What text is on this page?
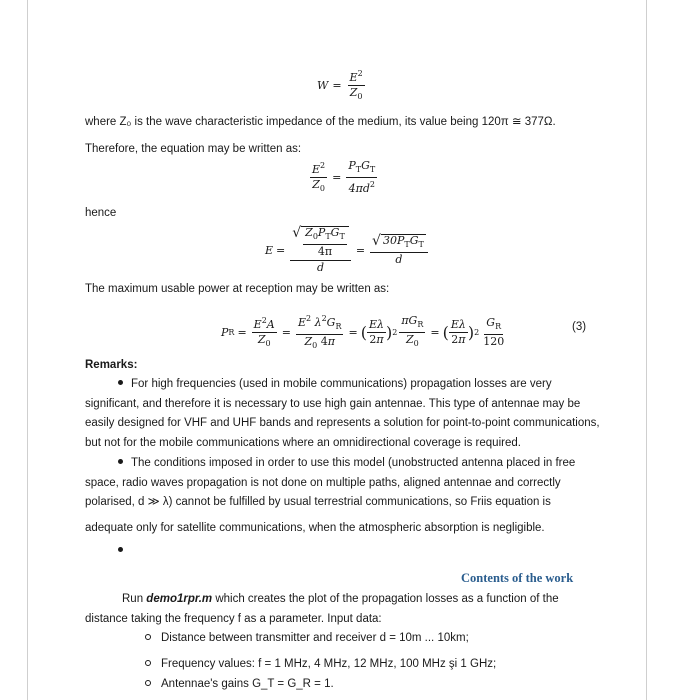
$W = \frac{E^2}{Z_0}$
where Z₀ is the wave characteristic impedance of the medium, its value being 120π ≅ 377Ω.
Therefore, the equation may be written as:
$\frac{E^2}{Z_0} = \frac{P_TG_T}{4\pi d^2}$
hence
E =
√ $\frac{Z_0P_TG_T}{4\pi}$
d
= $\frac{√ 30P_TG_T}{d}$
The maximum usable power at reception may be written as:
P $R = \frac{E^2A}{Z_0} = \frac{E^2 \lambda^2G_R}{Z_0 4\pi}$ = ( $\frac{E\lambda}{2\pi}$ ) $2 \frac{\pi G_R}{Z_0}$ = ( $\frac{E\lambda}{2\pi}$ ) $2 \frac{G_R}{120}$	(3)
Remarks:
For high frequencies (used in mobile communications) propagation losses are very
significant, and therefore it is necessary to use high gain antennae. This type of antennae may be
easily designed for VHF and UHF bands and represents a solution for point-to-point communications,
but not for the mobile communications where an omnidirectional coverage is required.
The conditions imposed in order to use this model (unobstructed antenna placed in free
space, radio waves propagation is not done on multiple paths, aligned antennae and correctly
polarised, d ≫ λ) cannot be fulfilled by usual terrestrial communications, so Friis equation is
adequate only for satellite communications, when the atmospheric absorption is negligible.
Contents of the work
Run demo1rpr.m which creates the plot of the propagation losses as a function of the
distance taking the frequency f as a parameter. Input data:
Distance between transmitter and receiver d = 10m ... 10km;
Frequency values: f = 1 MHz, 4 MHz, 12 MHz, 100 MHz şi 1 GHz;
Antennae's gains G_T = G_R = 1.
